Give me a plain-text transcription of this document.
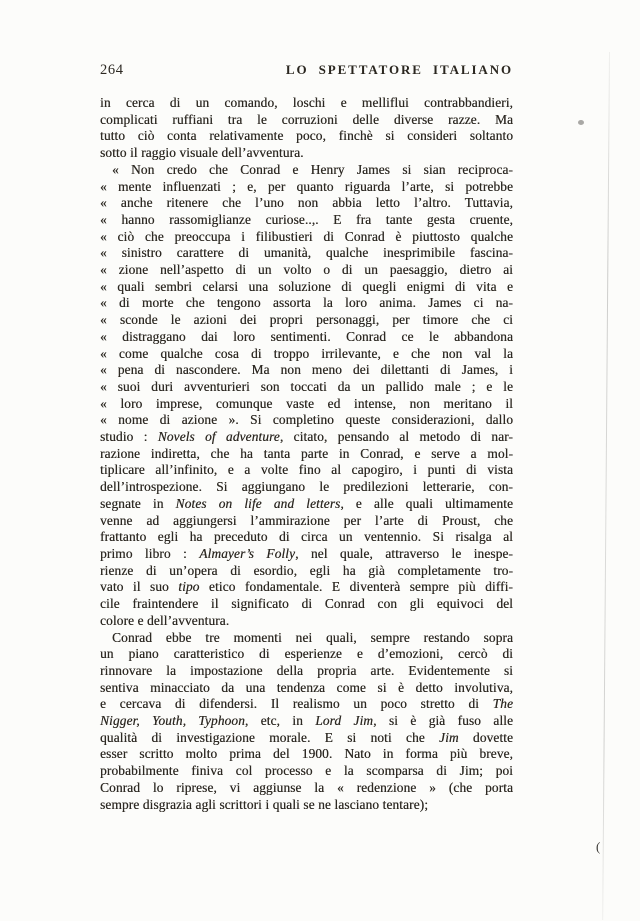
264	LO SPETTATORE ITALIANO
in cerca di un comando, loschi e melliflui contrabbandieri,
complicati ruffiani tra le corruzioni delle diverse razze. Ma
tutto ciò conta relativamente poco, finchè si consideri soltanto
sotto il raggio visuale dell’avventura.
« Non credo che Conrad e Henry James si sian reciproca-
« mente influenzati ; e, per quanto riguarda l’arte, si potrebbe
« anche ritenere che l’uno non abbia letto l’altro. Tuttavia,
« hanno rassomiglianze curiose..,. E fra tante gesta cruente,
« ciò che preoccupa i filibustieri di Conrad è piuttosto qualche
« sinistro carattere di umanità, qualche inesprimibile fascina-
« zione nell’aspetto di un volto o di un paesaggio, dietro ai
« quali sembri celarsi una soluzione di quegli enigmi di vita e
« di morte che tengono assorta la loro anima. James ci na-
« sconde le azioni dei propri personaggi, per timore che ci
« distraggano dai loro sentimenti. Conrad ce le abbandona
« come qualche cosa di troppo irrilevante, e che non val la
« pena di nascondere. Ma non meno dei dilettanti di James, i
« suoi duri avventurieri son toccati da un pallido male ; e le
« loro imprese, comunque vaste ed intense, non meritano il
« nome di azione ». Si completino queste considerazioni, dallo
studio : Novels of adventure, citato, pensando al metodo di nar-
razione indiretta, che ha tanta parte in Conrad, e serve a mol-
tiplicare all’infinito, e a volte fino al capogiro, i punti di vista
dell’introspezione. Si aggiungano le predilezioni letterarie, con-
segnate in Notes on life and letters, e alle quali ultimamente
venne ad aggiungersi l’ammirazione per l’arte di Proust, che
frattanto egli ha preceduto di circa un ventennio. Si risalga al
primo libro : Almayer’s Folly, nel quale, attraverso le inespe-
rienze di un’opera di esordio, egli ha già completamente tro-
vato il suo tipo etico fondamentale. E diventerà sempre più diffi-
cile fraintendere il significato di Conrad con gli equivoci del
colore e dell’avventura.
Conrad ebbe tre momenti nei quali, sempre restando sopra
un piano caratteristico di esperienze e d’emozioni, cercò di
rinnovare la impostazione della propria arte. Evidentemente si
sentiva minacciato da una tendenza come si è detto involutiva,
e cercava di difendersi. Il realismo un poco stretto di The
Nigger, Youth, Typhoon, etc, in Lord Jim, si è già fuso alle
qualità di investigazione morale. E si noti che Jim dovette
esser scritto molto prima del 1900. Nato in forma più breve,
probabilmente finiva col processo e la scomparsa di Jim; poi
Conrad lo riprese, vi aggiunse la « redenzione » (che porta
sempre disgrazia agli scrittori i quali se ne lasciano tentare);
(
